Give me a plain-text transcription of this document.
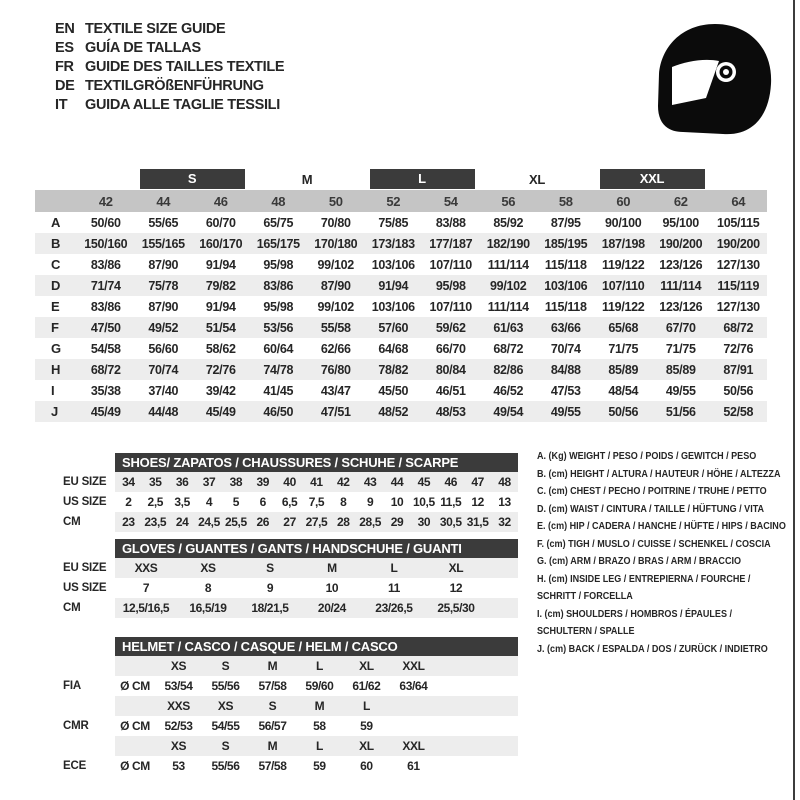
EN TEXTILE SIZE GUIDE
ES GUÍA DE TALLAS
FR GUIDE DES TAILLES TEXTILE
DE TEXTILGRÖßENFÜHRUNG
IT	GUIDA ALLE TAGLIE TESSILI

		S		M		L		XL		XXL		

	42	44	46	48	50	52	54	56	58	60	62	64
A	50/60	55/65	60/70	65/75	70/80	75/85	83/88	85/92	87/95	90/100	95/100	105/115
B	150/160	155/165	160/170	165/175	170/180	173/183	177/187	182/190	185/195	187/198	190/200	190/200
C	83/86	87/90	91/94	95/98	99/102	103/106	107/110	111/114	115/118	119/122	123/126	127/130
D	71/74	75/78	79/82	83/86	87/90	91/94	95/98	99/102	103/106	107/110	111/114	115/119
E	83/86	87/90	91/94	95/98	99/102	103/106	107/110	111/114	115/118	119/122	123/126	127/130
F	47/50	49/52	51/54	53/56	55/58	57/60	59/62	61/63	63/66	65/68	67/70	68/72
G	54/58	56/60	58/62	60/64	62/66	64/68	66/70	68/72	70/74	71/75	71/75	72/76
H	68/72	70/74	72/76	74/78	76/80	78/82	80/84	82/86	84/88	85/89	85/89	87/91
I	35/38	37/40	39/42	41/45	43/47	45/50	46/51	46/52	47/53	48/54	49/55	50/56
J	45/49	44/48	45/49	46/50	47/51	48/52	48/53	49/54	49/55	50/56	51/56	52/58

	SHOES/ ZAPATOS / CHAUSSURES / SCHUHE / SCARPE														

EU SIZE	34	35	36	37	38	39	40	41	42	43	44	45	46	47	48
US SIZE	2	2,5	3,5	4	5	6	6,5	7,5	8	9	10	10,5	11,5	12	13
CM	23	23,5	24	24,5	25,5	26	27	27,5	28	28,5	29	30	30,5	31,5	32

	GLOVES / GUANTES / GANTS / HANDSCHUHE / GUANTI						

EU SIZE	XXS	XS	S	M	L	XL	
US SIZE	7	8	9	10	11	12	
CM	12,5/16,5	16,5/19	18/21,5	20/24	23/26,5	25,5/30	

	HELMET / CASCO / CASQUE / HELM / CASCO							

		XS	S	M	L	XL	XXL	
FIA	Ø CM	53/54	55/56	57/58	59/60	61/62	63/64	
		XXS	XS	S	M	L		
CMR	Ø CM	52/53	54/55	56/57	58	59		
		XS	S	M	L	XL	XXL	
ECE	Ø CM	53	55/56	57/58	59	60	61	
A. (Kg) WEIGHT / PESO / POIDS / GEWITCH / PESO
B. (cm) HEIGHT / ALTURA / HAUTEUR / HÖHE / ALTEZZA
C. (cm) CHEST / PECHO / POITRINE / TRUHE / PETTO
D. (cm) WAIST / CINTURA / TAILLE / HÜFTUNG / VITA
E. (cm) HIP / CADERA / HANCHE / HÜFTE / HIPS / BACINO
F. (cm) TIGH / MUSLO / CUISSE / SCHENKEL / COSCIA
G. (cm) ARM / BRAZO / BRAS / ARM / BRACCIO
H. (cm) INSIDE LEG / ENTREPIERNA / FOURCHE / SCHRITT / FORCELLA
I. (cm) SHOULDERS / HOMBROS / ÉPAULES / SCHULTERN / SPALLE
J. (cm) BACK / ESPALDA / DOS / ZURÜCK / INDIETRO
